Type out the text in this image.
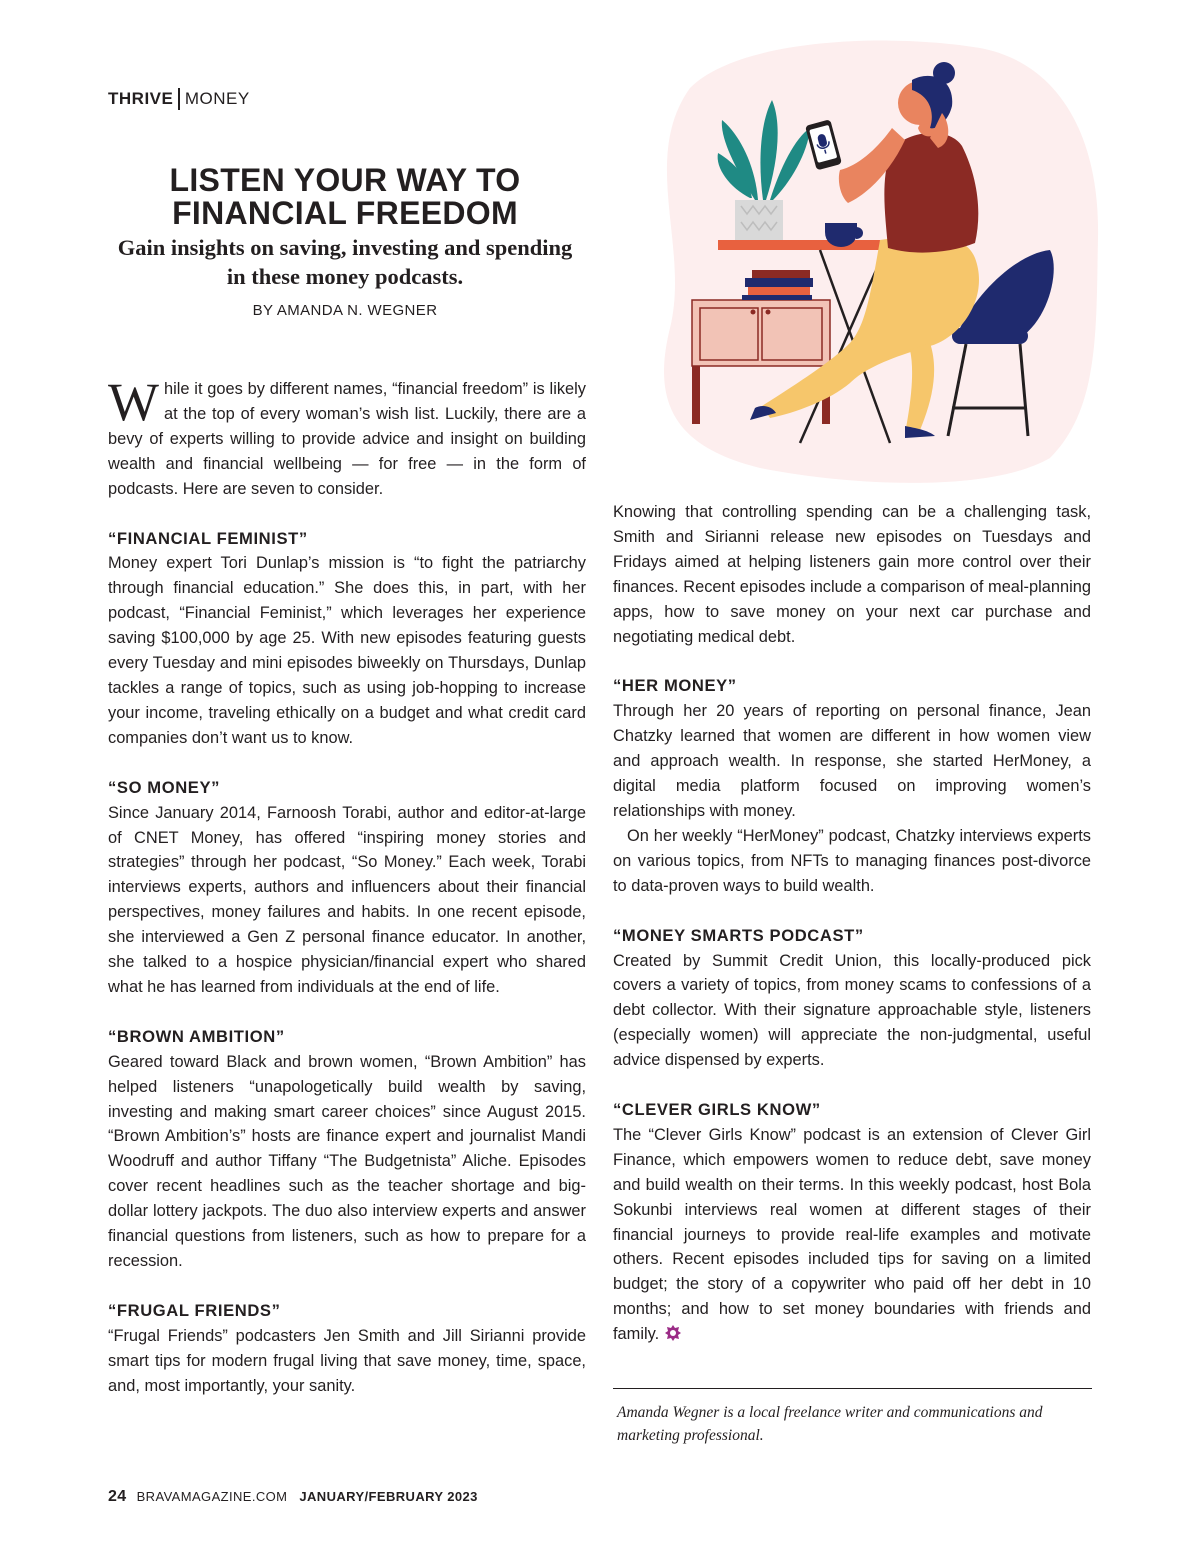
THRIVE MONEY
LISTEN YOUR WAY TO FINANCIAL FREEDOM

Gain insights on saving, investing and spending in these money podcasts.

BY AMANDA N. WEGNER

While it goes by different names, “financial freedom” is likely at the top of every woman’s wish list. Luckily, there are a bevy of experts willing to provide advice and insight on building wealth and financial wellbeing — for free — in the form of podcasts. Here are seven to consider.

“FINANCIAL FEMINIST”

Money expert Tori Dunlap’s mission is “to fight the patriarchy through financial education.” She does this, in part, with her podcast, “Financial Feminist,” which leverages her experience saving $100,000 by age 25. With new episodes featuring guests every Tuesday and mini episodes biweekly on Thursdays, Dunlap tackles a range of topics, such as using job-hopping to increase your income, traveling ethically on a budget and what credit card companies don’t want us to know.

“SO MONEY”

Since January 2014, Farnoosh Torabi, author and editor-at-large of CNET Money, has offered “inspiring money stories and strategies” through her podcast, “So Money.” Each week, Torabi interviews experts, authors and influencers about their financial perspectives, money failures and habits. In one recent episode, she interviewed a Gen Z personal finance educator. In another, she talked to a hospice physician/financial expert who shared what he has learned from individuals at the end of life.

“BROWN AMBITION”

Geared toward Black and brown women, “Brown Ambition” has helped listeners “unapologetically build wealth by saving, investing and making smart career choices” since August 2015. “Brown Ambition’s” hosts are finance expert and journalist Mandi Woodruff and author Tiffany “The Budgetnista” Aliche. Episodes cover recent headlines such as the teacher shortage and big-dollar lottery jackpots. The duo also interview experts and answer financial questions from listeners, such as how to prepare for a recession.

“FRUGAL FRIENDS”

“Frugal Friends” podcasters Jen Smith and Jill Sirianni provide smart tips for modern frugal living that save money, time, space, and, most importantly, your sanity.

Knowing that controlling spending can be a challenging task, Smith and Sirianni release new episodes on Tuesdays and Fridays aimed at helping listeners gain more control over their finances. Recent episodes include a comparison of meal-planning apps, how to save money on your next car purchase and negotiating medical debt.

“HER MONEY”

Through her 20 years of reporting on personal finance, Jean Chatzky learned that women are different in how women view and approach wealth. In response, she started HerMoney, a digital media platform focused on improving women’s relationships with money.

On her weekly “HerMoney” podcast, Chatzky interviews experts on various topics, from NFTs to managing finances post-divorce to data-proven ways to build wealth.

“MONEY SMARTS PODCAST”

Created by Summit Credit Union, this locally-produced pick covers a variety of topics, from money scams to confessions of a debt collector. With their signature approachable style, listeners (especially women) will appreciate the non-judgmental, useful advice dispensed by experts.

“CLEVER GIRLS KNOW”

The “Clever Girls Know” podcast is an extension of Clever Girl Finance, which empowers women to reduce debt, save money and build wealth on their terms. In this weekly podcast, host Bola Sokunbi interviews real women at different stages of their financial journeys to provide real-life examples and motivate others. Recent episodes included tips for saving on a limited budget; the story of a copywriter who paid off her debt in 10 months; and how to set money boundaries with friends and family.

Amanda Wegner is a local freelance writer and communications and marketing professional.

24 BRAVAMAGAZINE.COM JANUARY/FEBRUARY 2023
